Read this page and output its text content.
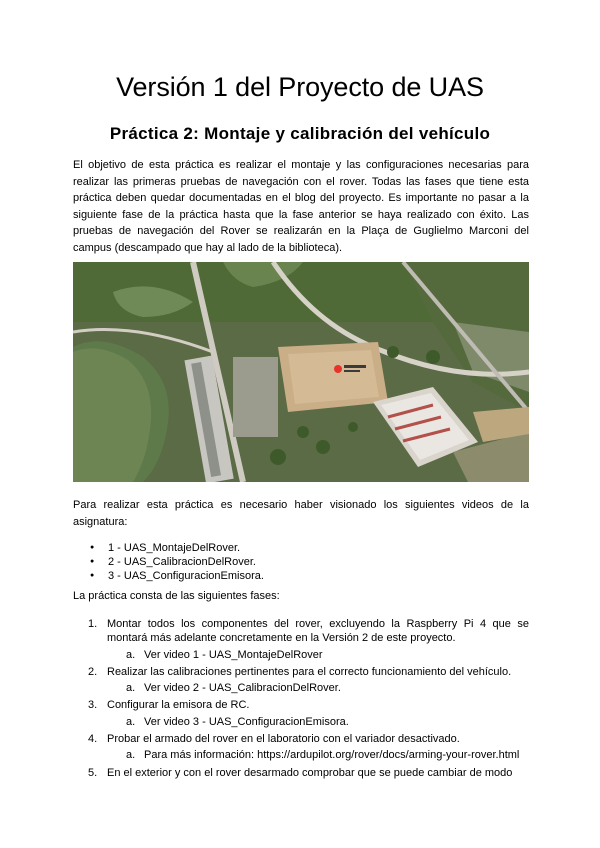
Versión 1 del Proyecto de UAS
Práctica 2: Montaje y calibración del vehículo

El objetivo de esta práctica es realizar el montaje y las configuraciones necesarias para realizar las primeras pruebas de navegación con el rover. Todas las fases que tiene esta práctica deben quedar documentadas en el blog del proyecto. Es importante no pasar a la siguiente fase de la práctica hasta que la fase anterior se haya realizado con éxito. Las pruebas de navegación del Rover se realizarán en la Plaça de Guglielmo Marconi del campus (descampado que hay al lado de la biblioteca).

Para realizar esta práctica es necesario haber visionado los siguientes videos de la asignatura:

● 1 - UAS_MontajeDelRover.
● 2 - UAS_CalibracionDelRover.
● 3 - UAS_ConfiguracionEmisora.

La práctica consta de las siguientes fases:

1. Montar todos los componentes del rover, excluyendo la Raspberry Pi 4 que se montará más adelante concretamente en la Versión 2 de este proyecto.
a. Ver video 1 - UAS_MontajeDelRover
2. Realizar las calibraciones pertinentes para el correcto funcionamiento del vehículo.
a. Ver video 2 - UAS_CalibracionDelRover.
3. Configurar la emisora de RC.
a. Ver video 3 - UAS_ConfiguracionEmisora.
4. Probar el armado del rover en el laboratorio con el variador desactivado.
a. Para más información: https://ardupilot.org/rover/docs/arming-your-rover.html
5. En el exterior y con el rover desarmado comprobar que se puede cambiar de modo
